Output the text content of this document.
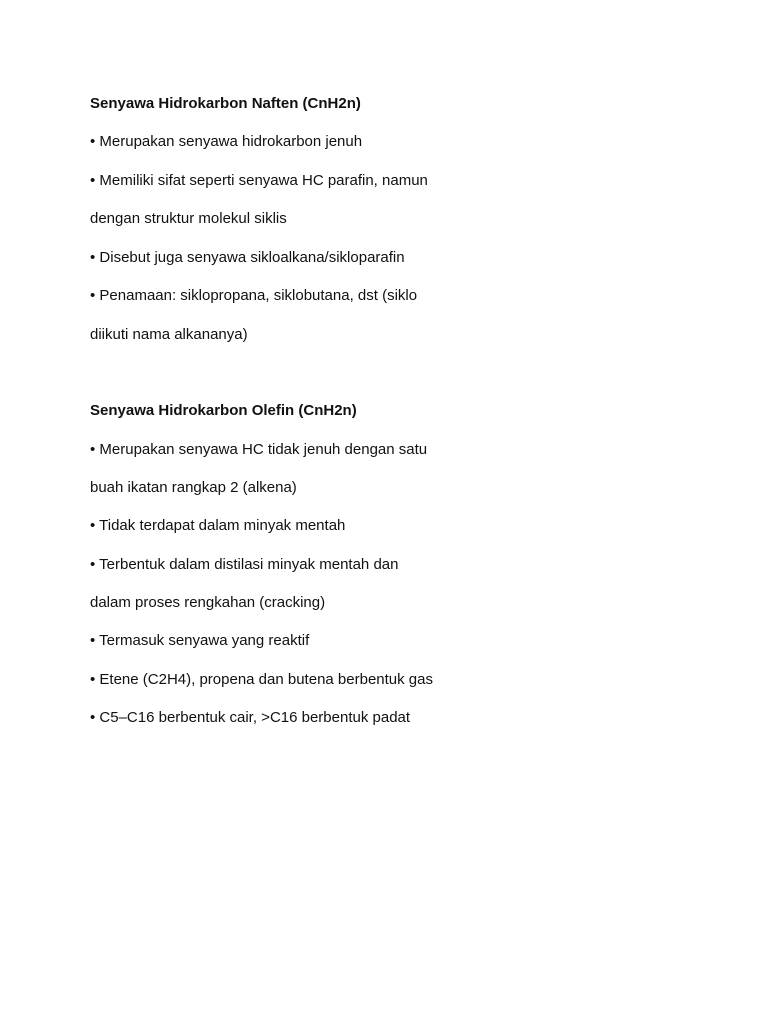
Senyawa Hidrokarbon Naften (CnH2n)

• Merupakan senyawa hidrokarbon jenuh

• Memiliki sifat seperti senyawa HC parafin, namun

dengan struktur molekul siklis

• Disebut juga senyawa sikloalkana/sikloparafin

• Penamaan: siklopropana, siklobutana, dst (siklo

diikuti nama alkananya)

Senyawa Hidrokarbon Olefin (CnH2n)

• Merupakan senyawa HC tidak jenuh dengan satu

buah ikatan rangkap 2 (alkena)

• Tidak terdapat dalam minyak mentah

• Terbentuk dalam distilasi minyak mentah dan

dalam proses rengkahan (cracking)

• Termasuk senyawa yang reaktif

• Etene (C2H4), propena dan butena berbentuk gas

• C5–C16 berbentuk cair, >C16 berbentuk padat
